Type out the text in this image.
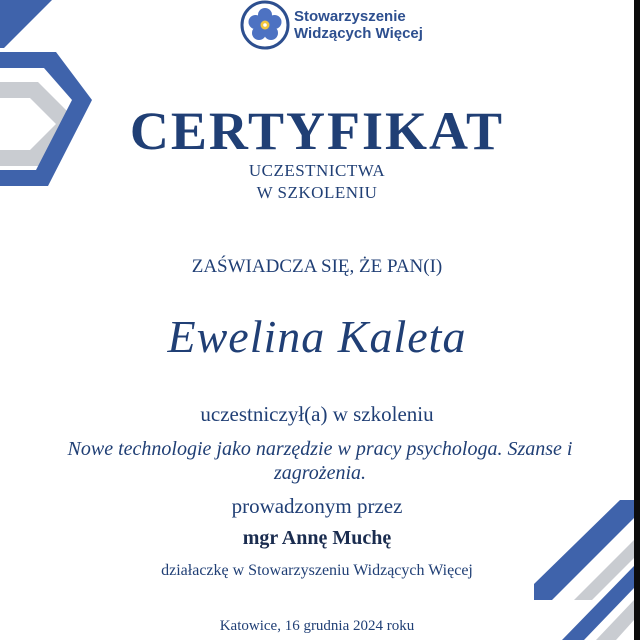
Stowarzyszenie
Widzących Więcej
CERTYFIKAT
UCZESTNICTWA
W SZKOLENIU
ZAŚWIADCZA SIĘ, ŻE PAN(I)
Ewelina Kaleta
uczestniczył(a) w szkoleniu
Nowe technologie jako narzędzie w pracy psychologa. Szanse i zagrożenia.
prowadzonym przez
mgr Annę Muchę
działaczkę w Stowarzyszeniu Widzących Więcej
Katowice, 16 grudnia 2024 roku
